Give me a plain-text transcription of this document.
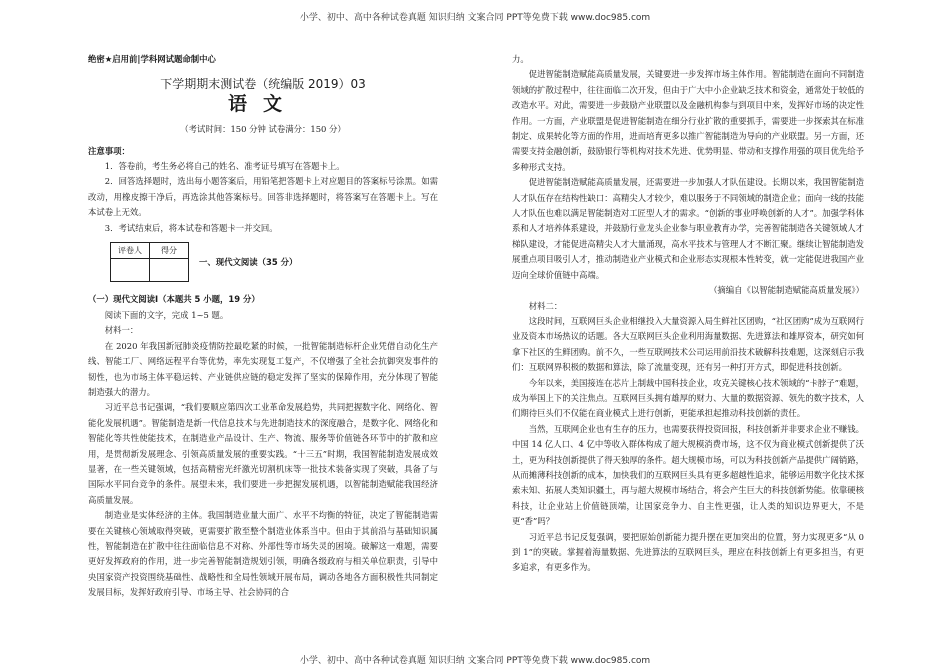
小学、初中、高中各种试卷真题 知识归纳 文案合同 PPT等免费下载 www.doc985.com

绝密★启用前|学科网试题命制中心

下学期期末测试卷（统编版 2019）03

语文

（考试时间：150 分钟 试卷满分：150 分）

注意事项：

1．答卷前，考生务必将自己的姓名、准考证号填写在答题卡上。

2．回答选择题时，选出每小题答案后，用铅笔把答题卡上对应题目的答案标号涂黑。如需改动，用橡皮擦干净后，再选涂其他答案标号。回答非选择题时，将答案写在答题卡上。写在本试卷上无效。

3．考试结束后，将本试卷和答题卡一并交回。

评卷人	得分

一、现代文阅读（35 分）

（一）现代文阅读Ⅰ（本题共 5 小题，19 分）

阅读下面的文字，完成 1~5 题。

材料一：

在 2020 年我国新冠肺炎疫情防控最吃紧的时候，一批智能制造标杆企业凭借自动化生产线、智能工厂、网络远程平台等优势，率先实现复工复产，不仅增强了全社会抗御突发事件的韧性，也为市场主体平稳运转、产业链供应链的稳定发挥了坚实的保障作用，充分体现了智能制造强大的潜力。

习近平总书记强调，“我们要顺应第四次工业革命发展趋势，共同把握数字化、网络化、智能化发展机遇”。智能制造是新一代信息技术与先进制造技术的深度融合，是数字化、网络化和智能化等共性使能技术，在制造业产品设计、生产、物流、服务等价值链各环节中的扩散和应用，是贯彻新发展理念、引领高质量发展的重要实践。“十三五”时期，我国智能制造发展成效显著，在一些关键领域，包括高精密光纤激光切割机床等一批技术装备实现了突破，具备了与国际水平同台竞争的条件。展望未来，我们要进一步把握发展机遇，以智能制造赋能我国经济高质量发展。

制造业是实体经济的主体。我国制造业量大面广、水平不均衡的特征，决定了智能制造需要在关键核心领域取得突破，更需要扩散至整个制造业体系当中。但由于其前沿与基础知识属性，智能制造在扩散中往往面临信息不对称、外部性等市场失灵的困境。破解这一难题，需要更好发挥政府的作用，进一步完善智能制造规划引领，明确各级政府与相关单位职责，引导中央国家资产投资围绕基础性、战略性和全局性领域开展布局，调动各地各方面积极性共同制定发展目标，发挥好政府引导、市场主导、社会协同的合

力。

促进智能制造赋能高质量发展，关键要进一步发挥市场主体作用。智能制造在面向不同制造领域的扩散过程中，往往面临二次开发，但由于广大中小企业缺乏技术和资金，通常处于较低的改造水平。对此，需要进一步鼓励产业联盟以及金融机构参与到项目中来，发挥好市场的决定性作用。一方面，产业联盟是促进智能制造在细分行业扩散的重要抓手，需要进一步探索其在标准制定、成果转化等方面的作用，进而培育更多以推广智能制造为导向的产业联盟。另一方面，还需要支持金融创新，鼓励银行等机构对技术先进、优势明显、带动和支撑作用强的项目优先给予多种形式支持。

促进智能制造赋能高质量发展，还需要进一步加强人才队伍建设。长期以来，我国智能制造人才队伍存在结构性缺口：高精尖人才较少，难以服务于不同领域的制造企业；面向一线的技能人才队伍也难以满足智能制造对工匠型人才的需求。“创新的事业呼唤创新的人才”。加强学科体系和人才培养体系建设，并鼓励行业龙头企业参与职业教育办学，完善智能制造各关键领域人才梯队建设，才能促进高精尖人才大量涌现，高水平技术与管理人才不断汇聚。继续让智能制造发展重点项目吸引人才，推动制造业产业模式和企业形态实现根本性转变，就一定能促进我国产业迈向全球价值链中高端。

（摘编自《以智能制造赋能高质量发展》）

材料二：

这段时间，互联网巨头企业相继投入大量资源入局生鲜社区团购，“社区团购”成为互联网行业及资本市场热议的话题。各大互联网巨头企业利用海量数据、先进算法和雄厚资本，研究如何拿下社区的生鲜团购。前不久，一些互联网技术公司运用前沿技术破解科技难题，这深刻启示我们：互联网界积极的数据和算法，除了流量变现，还有另一种打开方式，即促进科技创新。

今年以来，美国接连在芯片上制裁中国科技企业，攻克关键核心技术领域的“卡脖子”难题，成为举国上下的关注焦点。互联网巨头拥有雄厚的财力、大量的数据资源、领先的数字技术，人们期待巨头们不仅能在商业模式上进行创新，更能承担起推动科技创新的责任。

当然，互联网企业也有生存的压力，也需要获得投资回报，科技创新并非要求企业不赚钱。中国 14 亿人口、4 亿中等收入群体构成了超大规模消费市场，这不仅为商业模式创新提供了沃土，更为科技创新提供了得天独厚的条件。超大规模市场，可以为科技创新产品提供广阔销路，从而摊薄科技创新的成本，加快我们的互联网巨头具有更多超越性追求，能够运用数字化技术探索未知、拓展人类知识疆土，再与超大规模市场结合，将会产生巨大的科技创新势能。依靠硬核科技，让企业站上价值链顶端，让国家竞争力、自主性更强，让人类的知识边界更大，不是更“香”吗？

习近平总书记反复强调，要把原始创新能力提升摆在更加突出的位置，努力实现更多“从 0 到 1”的突破。掌握着海量数据、先进算法的互联网巨头，理应在科技创新上有更多担当，有更多追求，有更多作为。

小学、初中、高中各种试卷真题 知识归纳 文案合同 PPT等免费下载 www.doc985.com
